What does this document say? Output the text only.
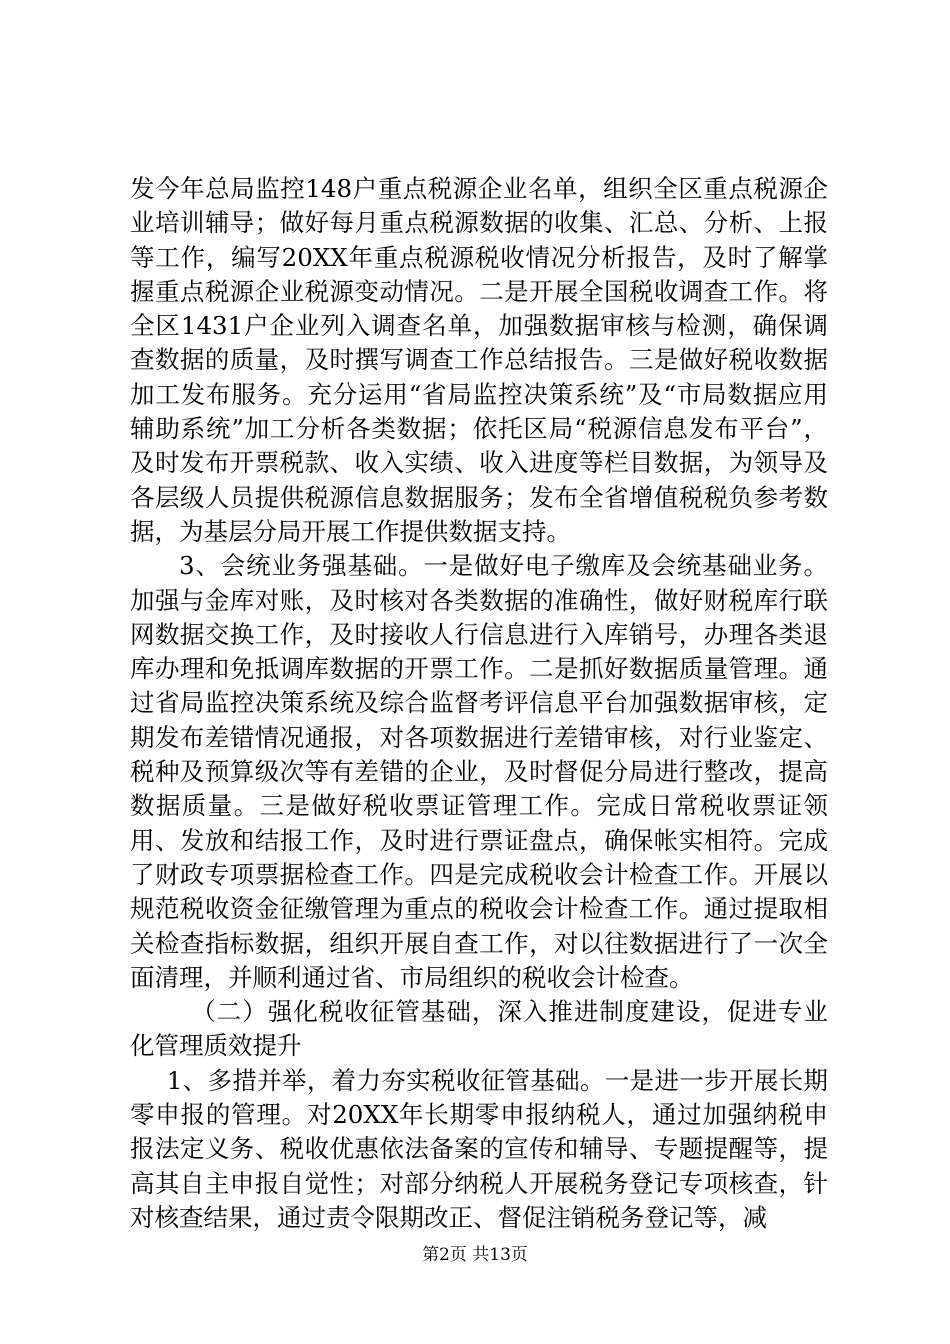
发今年总局监控148户重点税源企业名单，组织全区重点税源企业培训辅导；做好每月重点税源数据的收集、汇总、分析、上报等工作，编写20XX年重点税源税收情况分析报告，及时了解掌握重点税源企业税源变动情况。二是开展全国税收调查工作。将全区1431户企业列入调查名单，加强数据审核与检测，确保调查数据的质量，及时撰写调查工作总结报告。三是做好税收数据加工发布服务。充分运用“省局监控决策系统”及“市局数据应用辅助系统”加工分析各类数据；依托区局“税源信息发布平台”，及时发布开票税款、收入实绩、收入进度等栏目数据，为领导及各层级人员提供税源信息数据服务；发布全省增值税税负参考数据，为基层分局开展工作提供数据支持。

3、会统业务强基础。一是做好电子缴库及会统基础业务。加强与金库对账，及时核对各类数据的准确性，做好财税库行联网数据交换工作，及时接收人行信息进行入库销号，办理各类退库办理和免抵调库数据的开票工作。二是抓好数据质量管理。通过省局监控决策系统及综合监督考评信息平台加强数据审核，定期发布差错情况通报，对各项数据进行差错审核，对行业鉴定、税种及预算级次等有差错的企业，及时督促分局进行整改，提高数据质量。三是做好税收票证管理工作。完成日常税收票证领用、发放和结报工作，及时进行票证盘点，确保帐实相符。完成了财政专项票据检查工作。四是完成税收会计检查工作。开展以规范税收资金征缴管理为重点的税收会计检查工作。通过提取相关检查指标数据，组织开展自查工作，对以往数据进行了一次全面清理，并顺利通过省、市局组织的税收会计检查。

（二）强化税收征管基础，深入推进制度建设，促进专业化管理质效提升

1、多措并举，着力夯实税收征管基础。一是进一步开展长期零申报的管理。对20XX年长期零申报纳税人，通过加强纳税申报法定义务、税收优惠依法备案的宣传和辅导、专题提醒等，提高其自主申报自觉性；对部分纳税人开展税务登记专项核查，针对核查结果，通过责令限期改正、督促注销税务登记等，减

第2页 共13页
